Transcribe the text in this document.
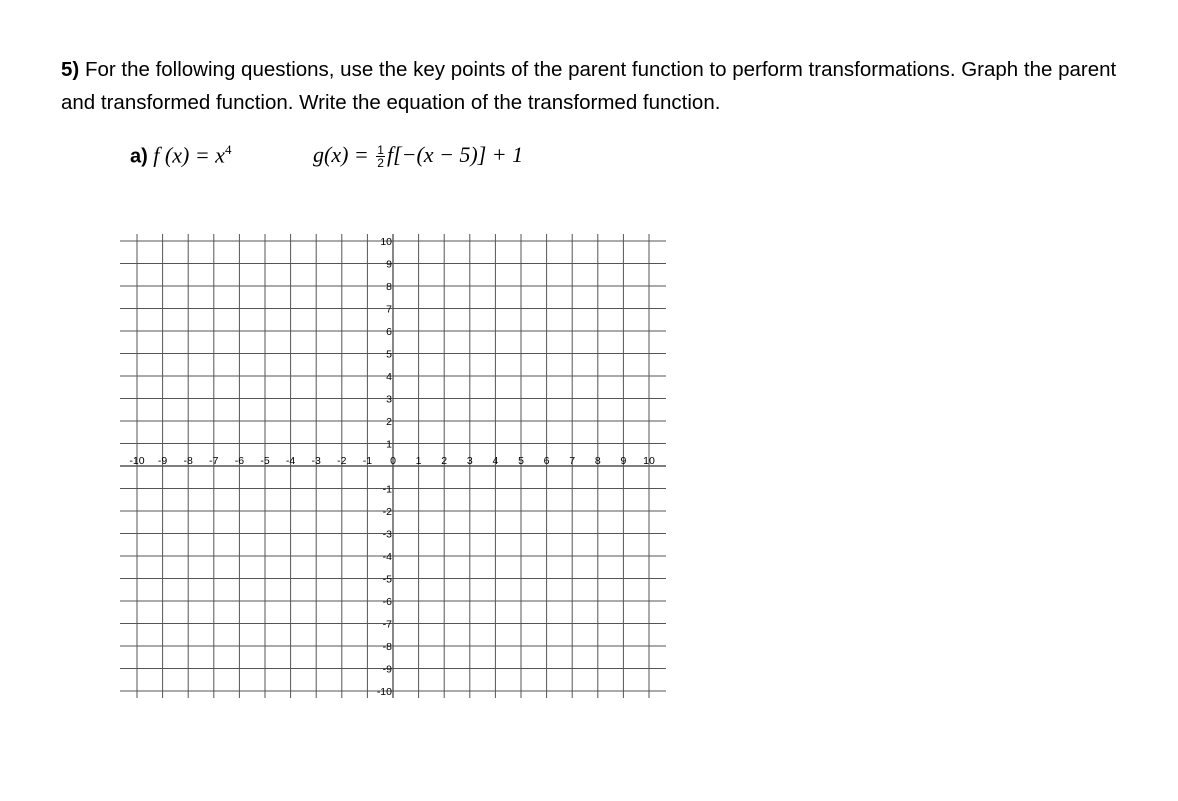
5) For the following questions, use the key points of the parent function to perform transformations. Graph the parent and transformed function. Write the equation of the transformed function.
a) f $(x) = x^4$	$g(x) = \frac{1}{2} f[-(x - 5)] + 1$
-10 -9 -8 -7 -6 -5 -4 -3 -2 -1 0 1 2 3 4 5 6 7 8 9 10
10
9
8
7
6
5
4
3
2
1
-1
-2
-3
-4
-5
-6
-7
-8
-9
-10
